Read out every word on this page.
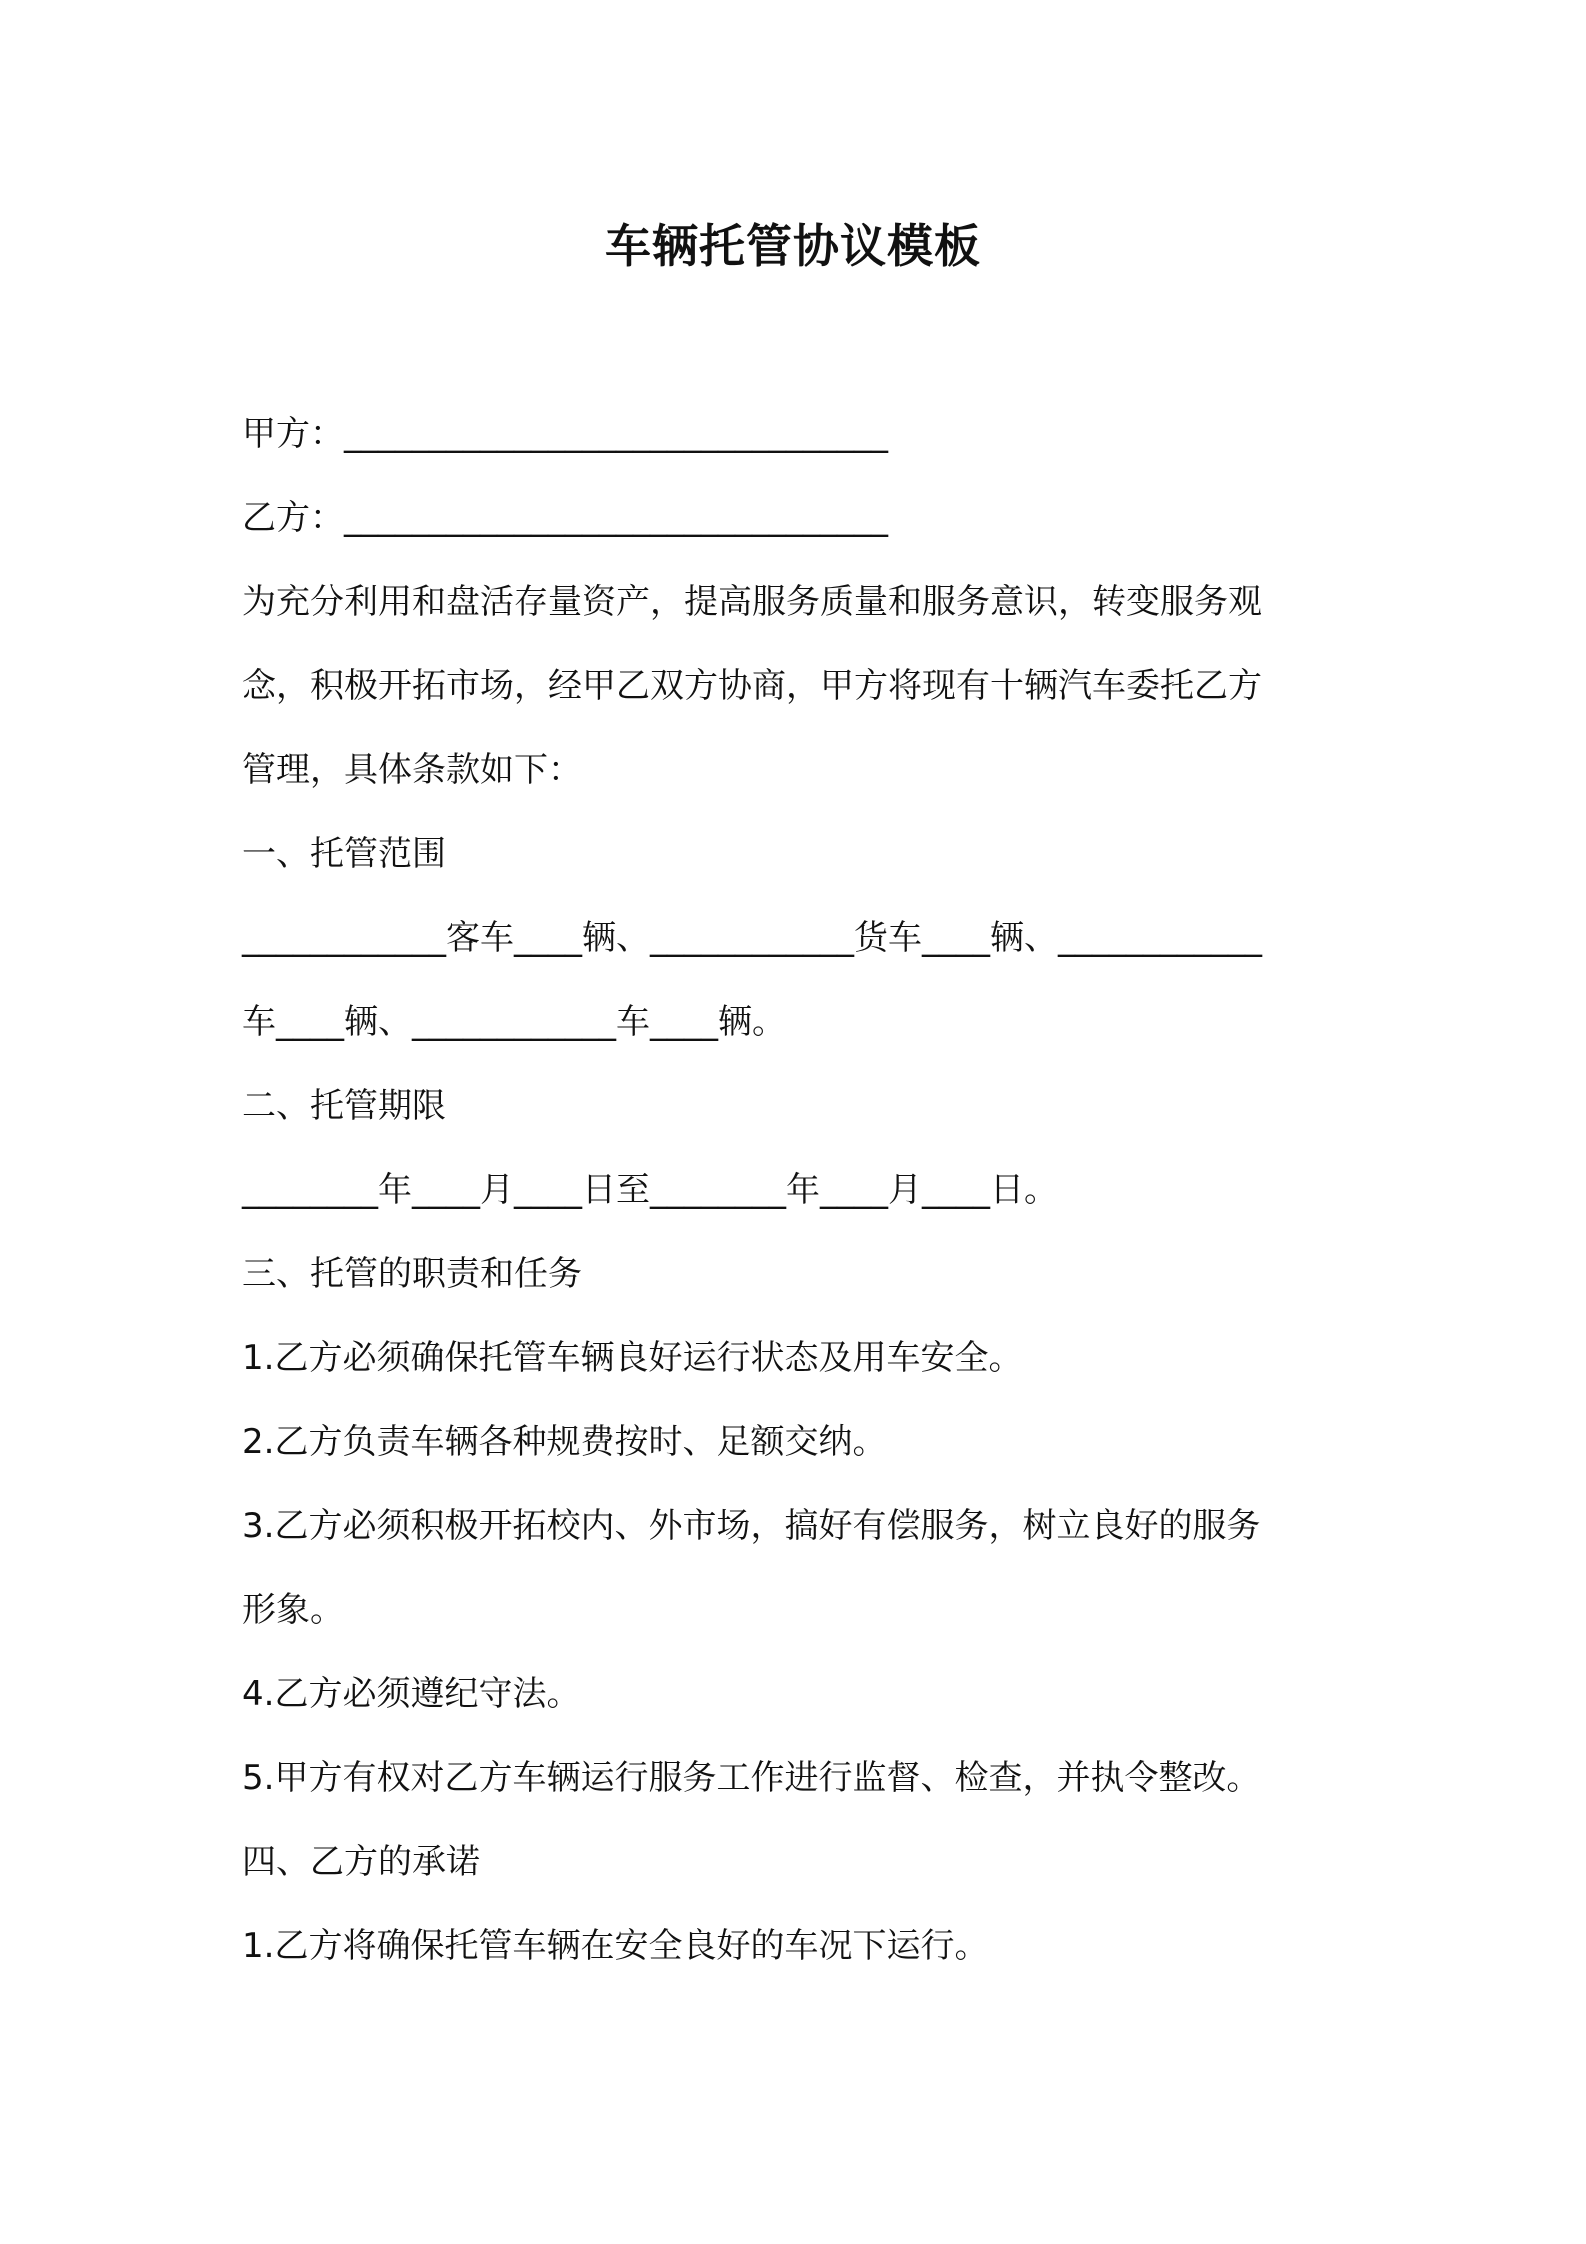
车辆托管协议模板

甲方：________________________________

乙方：________________________________

为充分利用和盘活存量资产，提高服务质量和服务意识，转变服务观

念，积极开拓市场，经甲乙双方协商，甲方将现有十辆汽车委托乙方

管理，具体条款如下：

一、托管范围

____________客车____辆、____________货车____辆、____________

车____辆、____________车____辆。

二、托管期限

________年____月____日至________年____月____日。

三、托管的职责和任务

1.乙方必须确保托管车辆良好运行状态及用车安全。

2.乙方负责车辆各种规费按时、足额交纳。

3.乙方必须积极开拓校内、外市场，搞好有偿服务，树立良好的服务

形象。

4.乙方必须遵纪守法。

5.甲方有权对乙方车辆运行服务工作进行监督、检查，并执令整改。

四、乙方的承诺

1.乙方将确保托管车辆在安全良好的车况下运行。
